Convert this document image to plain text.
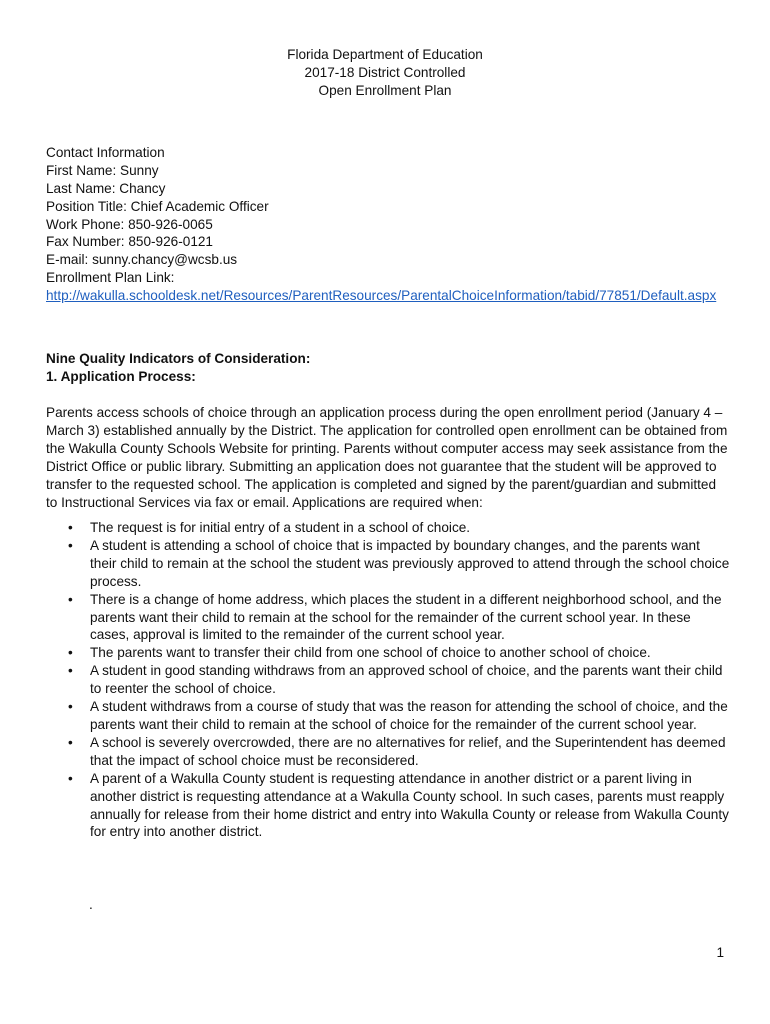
Florida Department of Education
2017-18 District Controlled
Open Enrollment Plan
Contact Information
First Name: Sunny
Last Name: Chancy
Position Title: Chief Academic Officer
Work Phone: 850-926-0065
Fax Number: 850-926-0121
E-mail: sunny.chancy@wcsb.us
Enrollment Plan Link:
http://wakulla.schooldesk.net/Resources/ParentResources/ParentalChoiceInformation/tabid/77851/Default.aspx
Nine Quality Indicators of Consideration:
1. Application Process:
Parents access schools of choice through an application process during the open enrollment period (January 4 – March 3) established annually by the District. The application for controlled open enrollment can be obtained from the Wakulla County Schools Website for printing. Parents without computer access may seek assistance from the District Office or public library. Submitting an application does not guarantee that the student will be approved to transfer to the requested school. The application is completed and signed by the parent/guardian and submitted to Instructional Services via fax or email. Applications are required when:
• The request is for initial entry of a student in a school of choice.
• A student is attending a school of choice that is impacted by boundary changes, and the parents want their child to remain at the school the student was previously approved to attend through the school choice process.
• There is a change of home address, which places the student in a different neighborhood school, and the parents want their child to remain at the school for the remainder of the current school year. In these cases, approval is limited to the remainder of the current school year.
• The parents want to transfer their child from one school of choice to another school of choice.
• A student in good standing withdraws from an approved school of choice, and the parents want their child to reenter the school of choice.
• A student withdraws from a course of study that was the reason for attending the school of choice, and the parents want their child to remain at the school of choice for the remainder of the current school year.
• A school is severely overcrowded, there are no alternatives for relief, and the Superintendent has deemed that the impact of school choice must be reconsidered.
• A parent of a Wakulla County student is requesting attendance in another district or a parent living in another district is requesting attendance at a Wakulla County school. In such cases, parents must reapply annually for release from their home district and entry into Wakulla County or release from Wakulla County for entry into another district.
.
1
